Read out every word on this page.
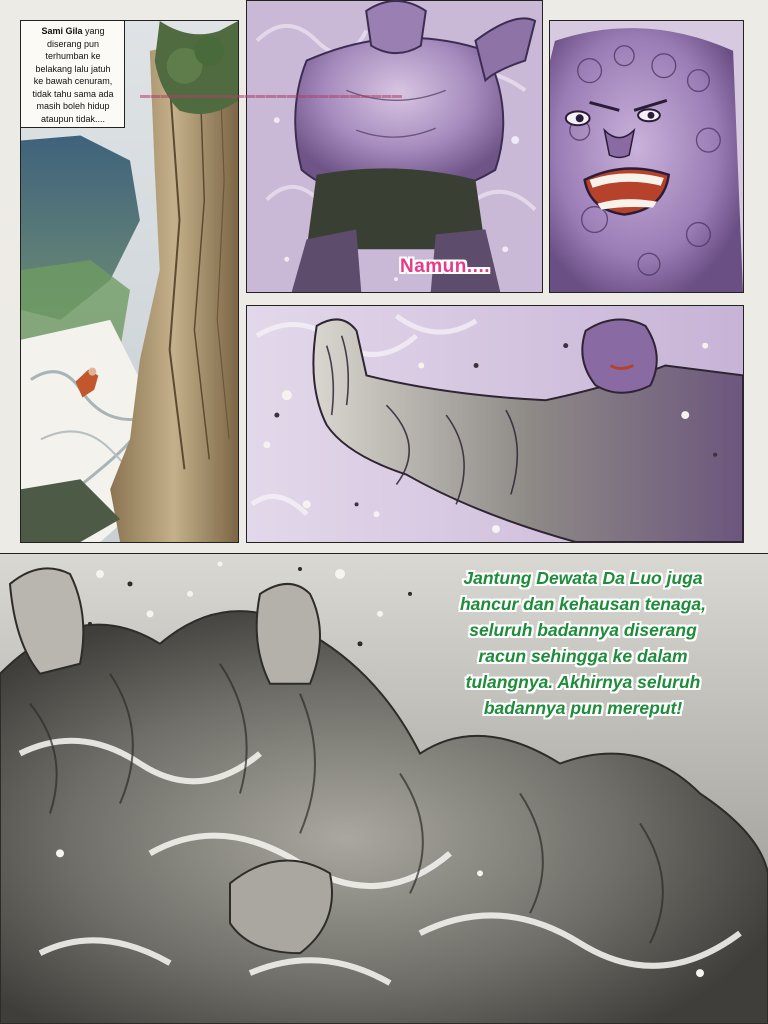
Sami Gila yang
diserang pun
terhumban ke
belakang lalu jatuh
ke bawah cenuram,
tidak tahu sama ada
masih boleh hidup
ataupun tidak....
▬▬▬▬▬▬▬▬▬▬▬▬▬▬▬▬▬▬▬▬▬▬▬▬▬
Namun....
Jantung Dewata Da Luo juga
hancur dan kehausan tenaga,
seluruh badannya diserang
racun sehingga ke dalam
tulangnya. Akhirnya seluruh
badannya pun mereput!
